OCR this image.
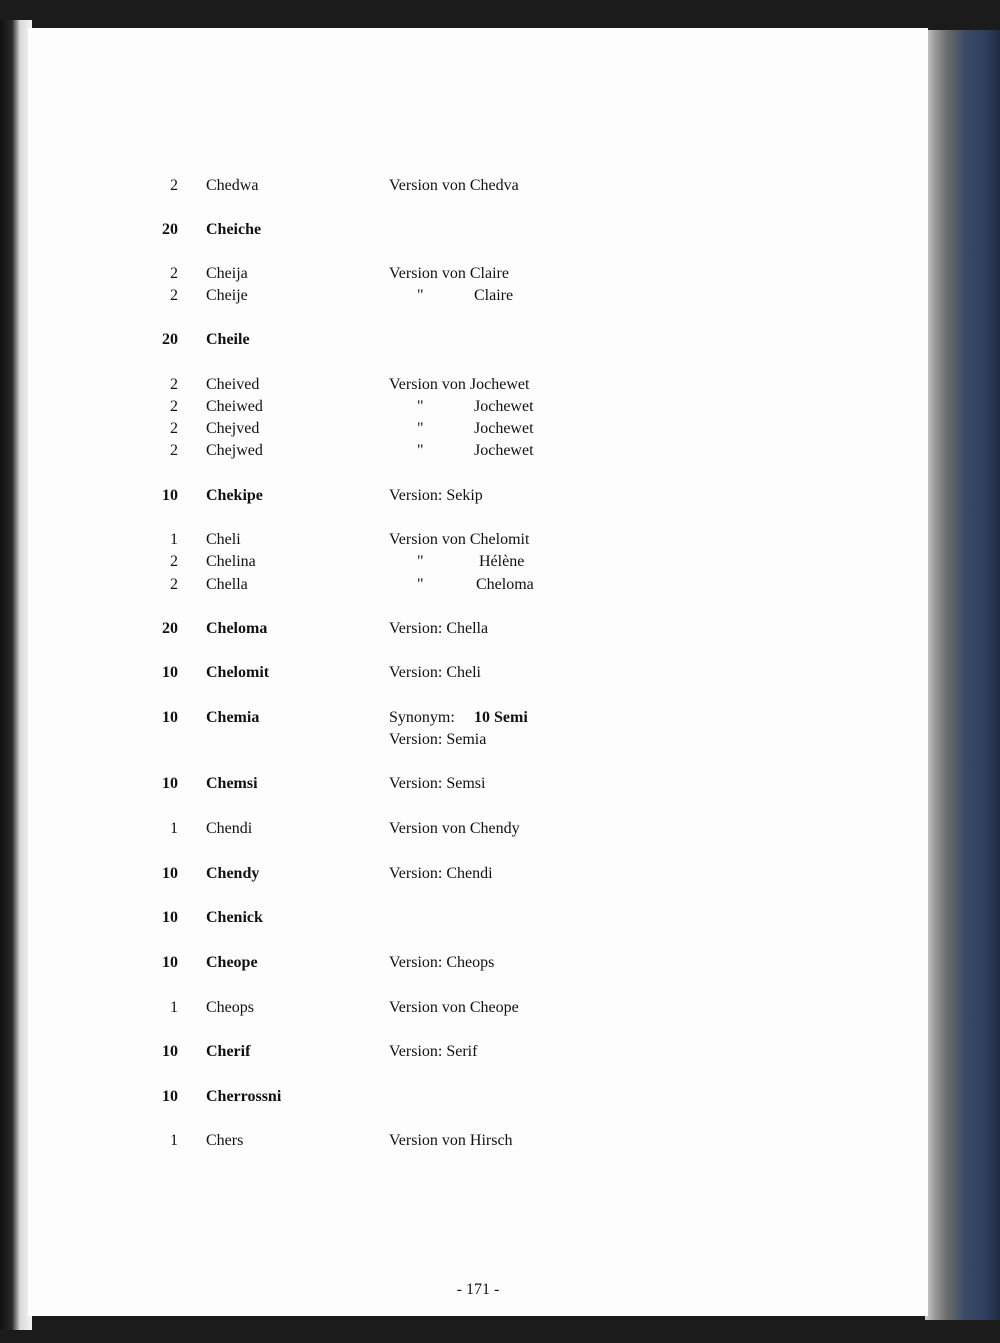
2 Chedwa	Version von Chedva
20 Cheiche
2 Cheija	Version von Claire
2 Cheije	"	Claire
20 Cheile
2 Cheived	Version von Jochewet
2 Cheiwed	"	Jochewet
2 Chejved	"	Jochewet
2 Chejwed	"	Jochewet
10 Chekipe	Version: Sekip
1 Cheli	Version von Chelomit
2 Chelina	"	Hélène
2 Chella	"	Cheloma
20 Cheloma	Version: Chella
10 Chelomit	Version: Cheli
10 Chemia	Synonym: 10 Semi
Version: Semia
10 Chemsi	Version: Semsi
1 Chendi	Version von Chendy
10 Chendy	Version: Chendi
10 Chenick
10 Cheope	Version: Cheops
1 Cheops	Version von Cheope
10 Cherif	Version: Serif
10 Cherrossni
1 Chers	Version von Hirsch
- 171 -
